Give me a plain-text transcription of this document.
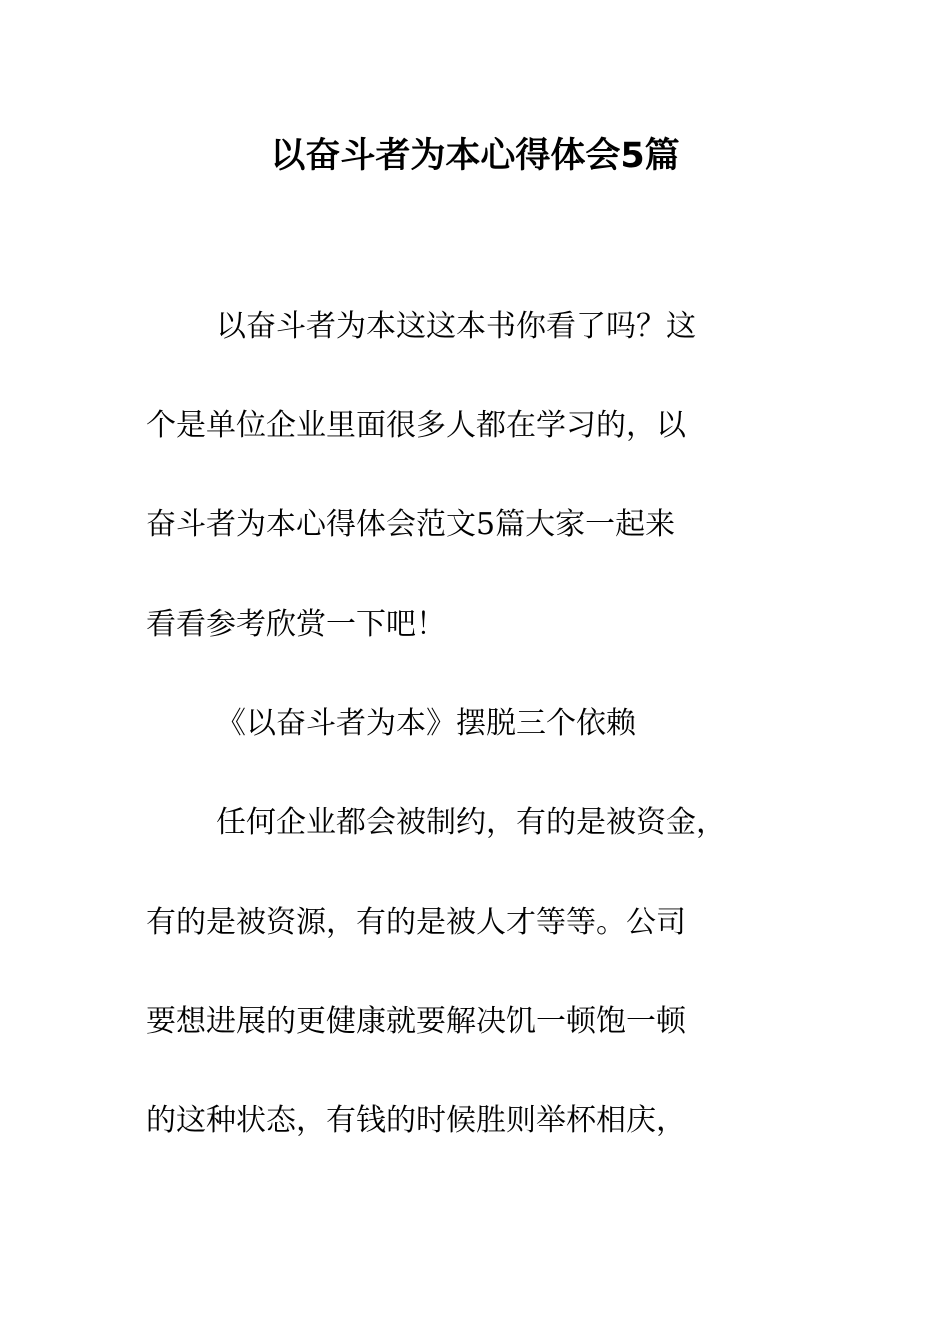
以奋斗者为本心得体会5篇
以奋斗者为本这这本书你看了吗？这
个是单位企业里面很多人都在学习的，以
奋斗者为本心得体会范文5篇大家一起来
看看参考欣赏一下吧！
《以奋斗者为本》摆脱三个依赖
任何企业都会被制约，有的是被资金，
有的是被资源，有的是被人才等等。公司
要想进展的更健康就要解决饥一顿饱一顿
的这种状态，有钱的时候胜则举杯相庆，
